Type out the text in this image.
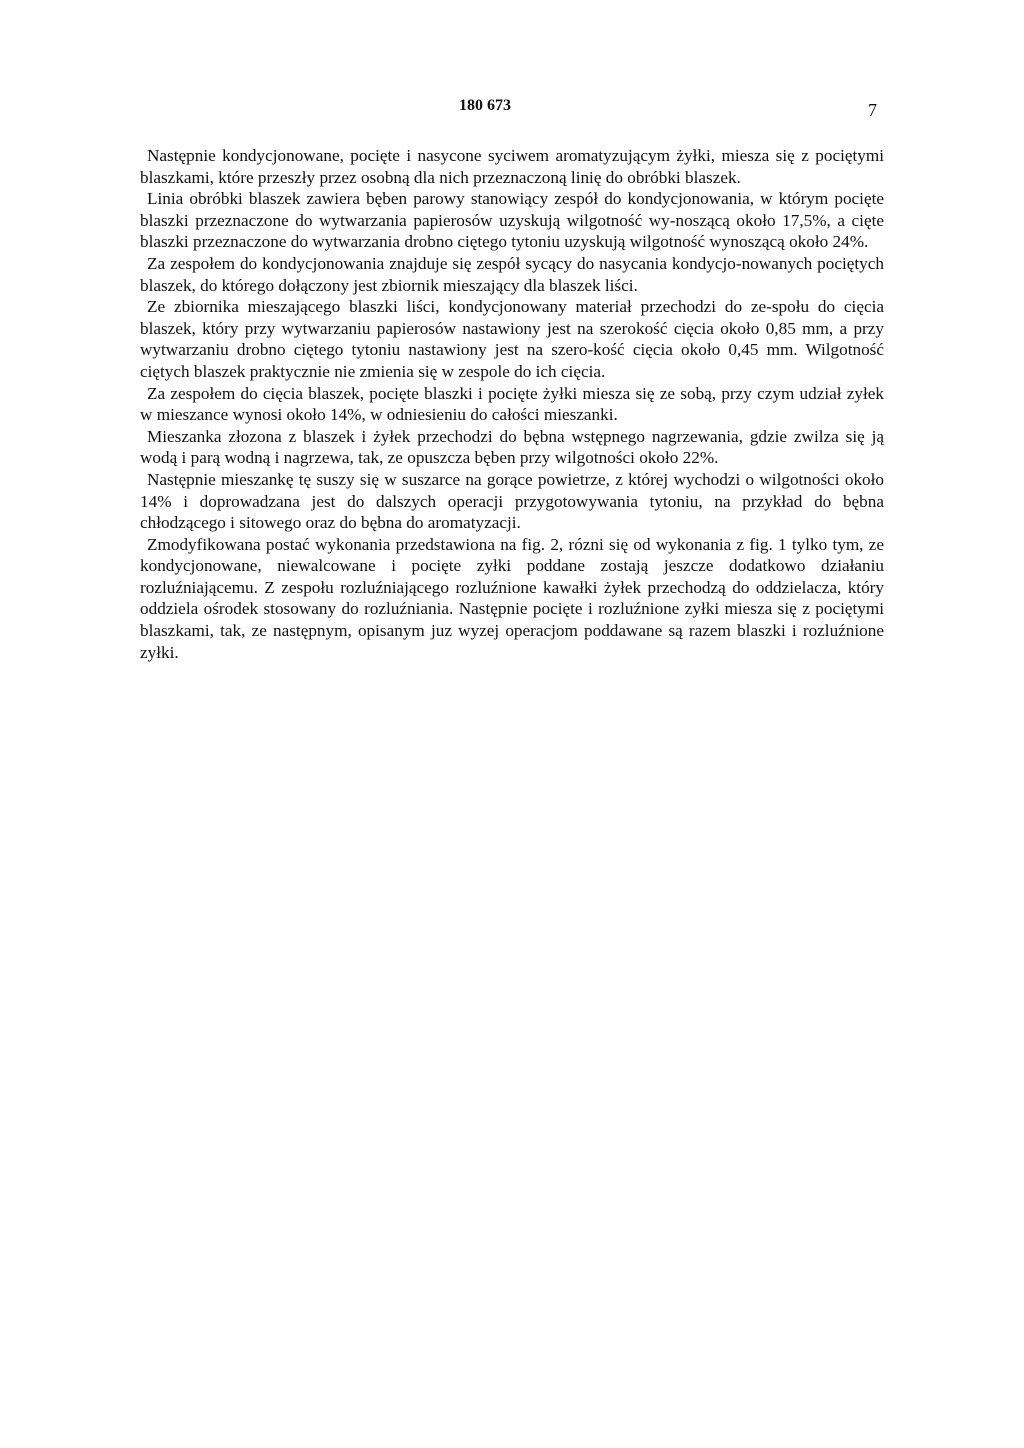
180 673	7

Następnie kondycjonowane, pocięte i nasycone syciwem aromatyzującym żyłki, miesza się z pociętymi blaszkami, które przeszły przez osobną dla nich przeznaczoną linię do obróbki blaszek.

Linia obróbki blaszek zawiera bęben parowy stanowiący zespół do kondycjonowania, w którym pocięte blaszki przeznaczone do wytwarzania papierosów uzyskują wilgotność wy-noszącą około 17,5%, a cięte blaszki przeznaczone do wytwarzania drobno ciętego tytoniu uzyskują wilgotność wynoszącą około 24%.

Za zespołem do kondycjonowania znajduje się zespół sycący do nasycania kondycjo-nowanych pociętych blaszek, do którego dołączony jest zbiornik mieszający dla blaszek liści.

Ze zbiornika mieszającego blaszki liści, kondycjonowany materiał przechodzi do ze-społu do cięcia blaszek, który przy wytwarzaniu papierosów nastawiony jest na szerokość cięcia około 0,85 mm, a przy wytwarzaniu drobno ciętego tytoniu nastawiony jest na szero-kość cięcia około 0,45 mm. Wilgotność ciętych blaszek praktycznie nie zmienia się w zespole do ich cięcia.

Za zespołem do cięcia blaszek, pocięte blaszki i pocięte żyłki miesza się ze sobą, przy czym udział zyłek w mieszance wynosi około 14%, w odniesieniu do całości mieszanki.

Mieszanka złozona z blaszek i żyłek przechodzi do bębna wstępnego nagrzewania, gdzie zwilza się ją wodą i parą wodną i nagrzewa, tak, ze opuszcza bęben przy wilgotności około 22%.

Następnie mieszankę tę suszy się w suszarce na gorące powietrze, z której wychodzi o wilgotności około 14% i doprowadzana jest do dalszych operacji przygotowywania tytoniu, na przykład do bębna chłodzącego i sitowego oraz do bębna do aromatyzacji.

Zmodyfikowana postać wykonania przedstawiona na fig. 2, rózni się od wykonania z fig. 1 tylko tym, ze kondycjonowane, niewalcowane i pocięte zyłki poddane zostają jeszcze dodatkowo działaniu rozluźniającemu. Z zespołu rozluźniającego rozluźnione kawałki żyłek przechodzą do oddzielacza, który oddziela ośrodek stosowany do rozluźniania. Następnie pocięte i rozluźnione zyłki miesza się z pociętymi blaszkami, tak, ze następnym, opisanym juz wyzej operacjom poddawane są razem blaszki i rozluźnione zyłki.
